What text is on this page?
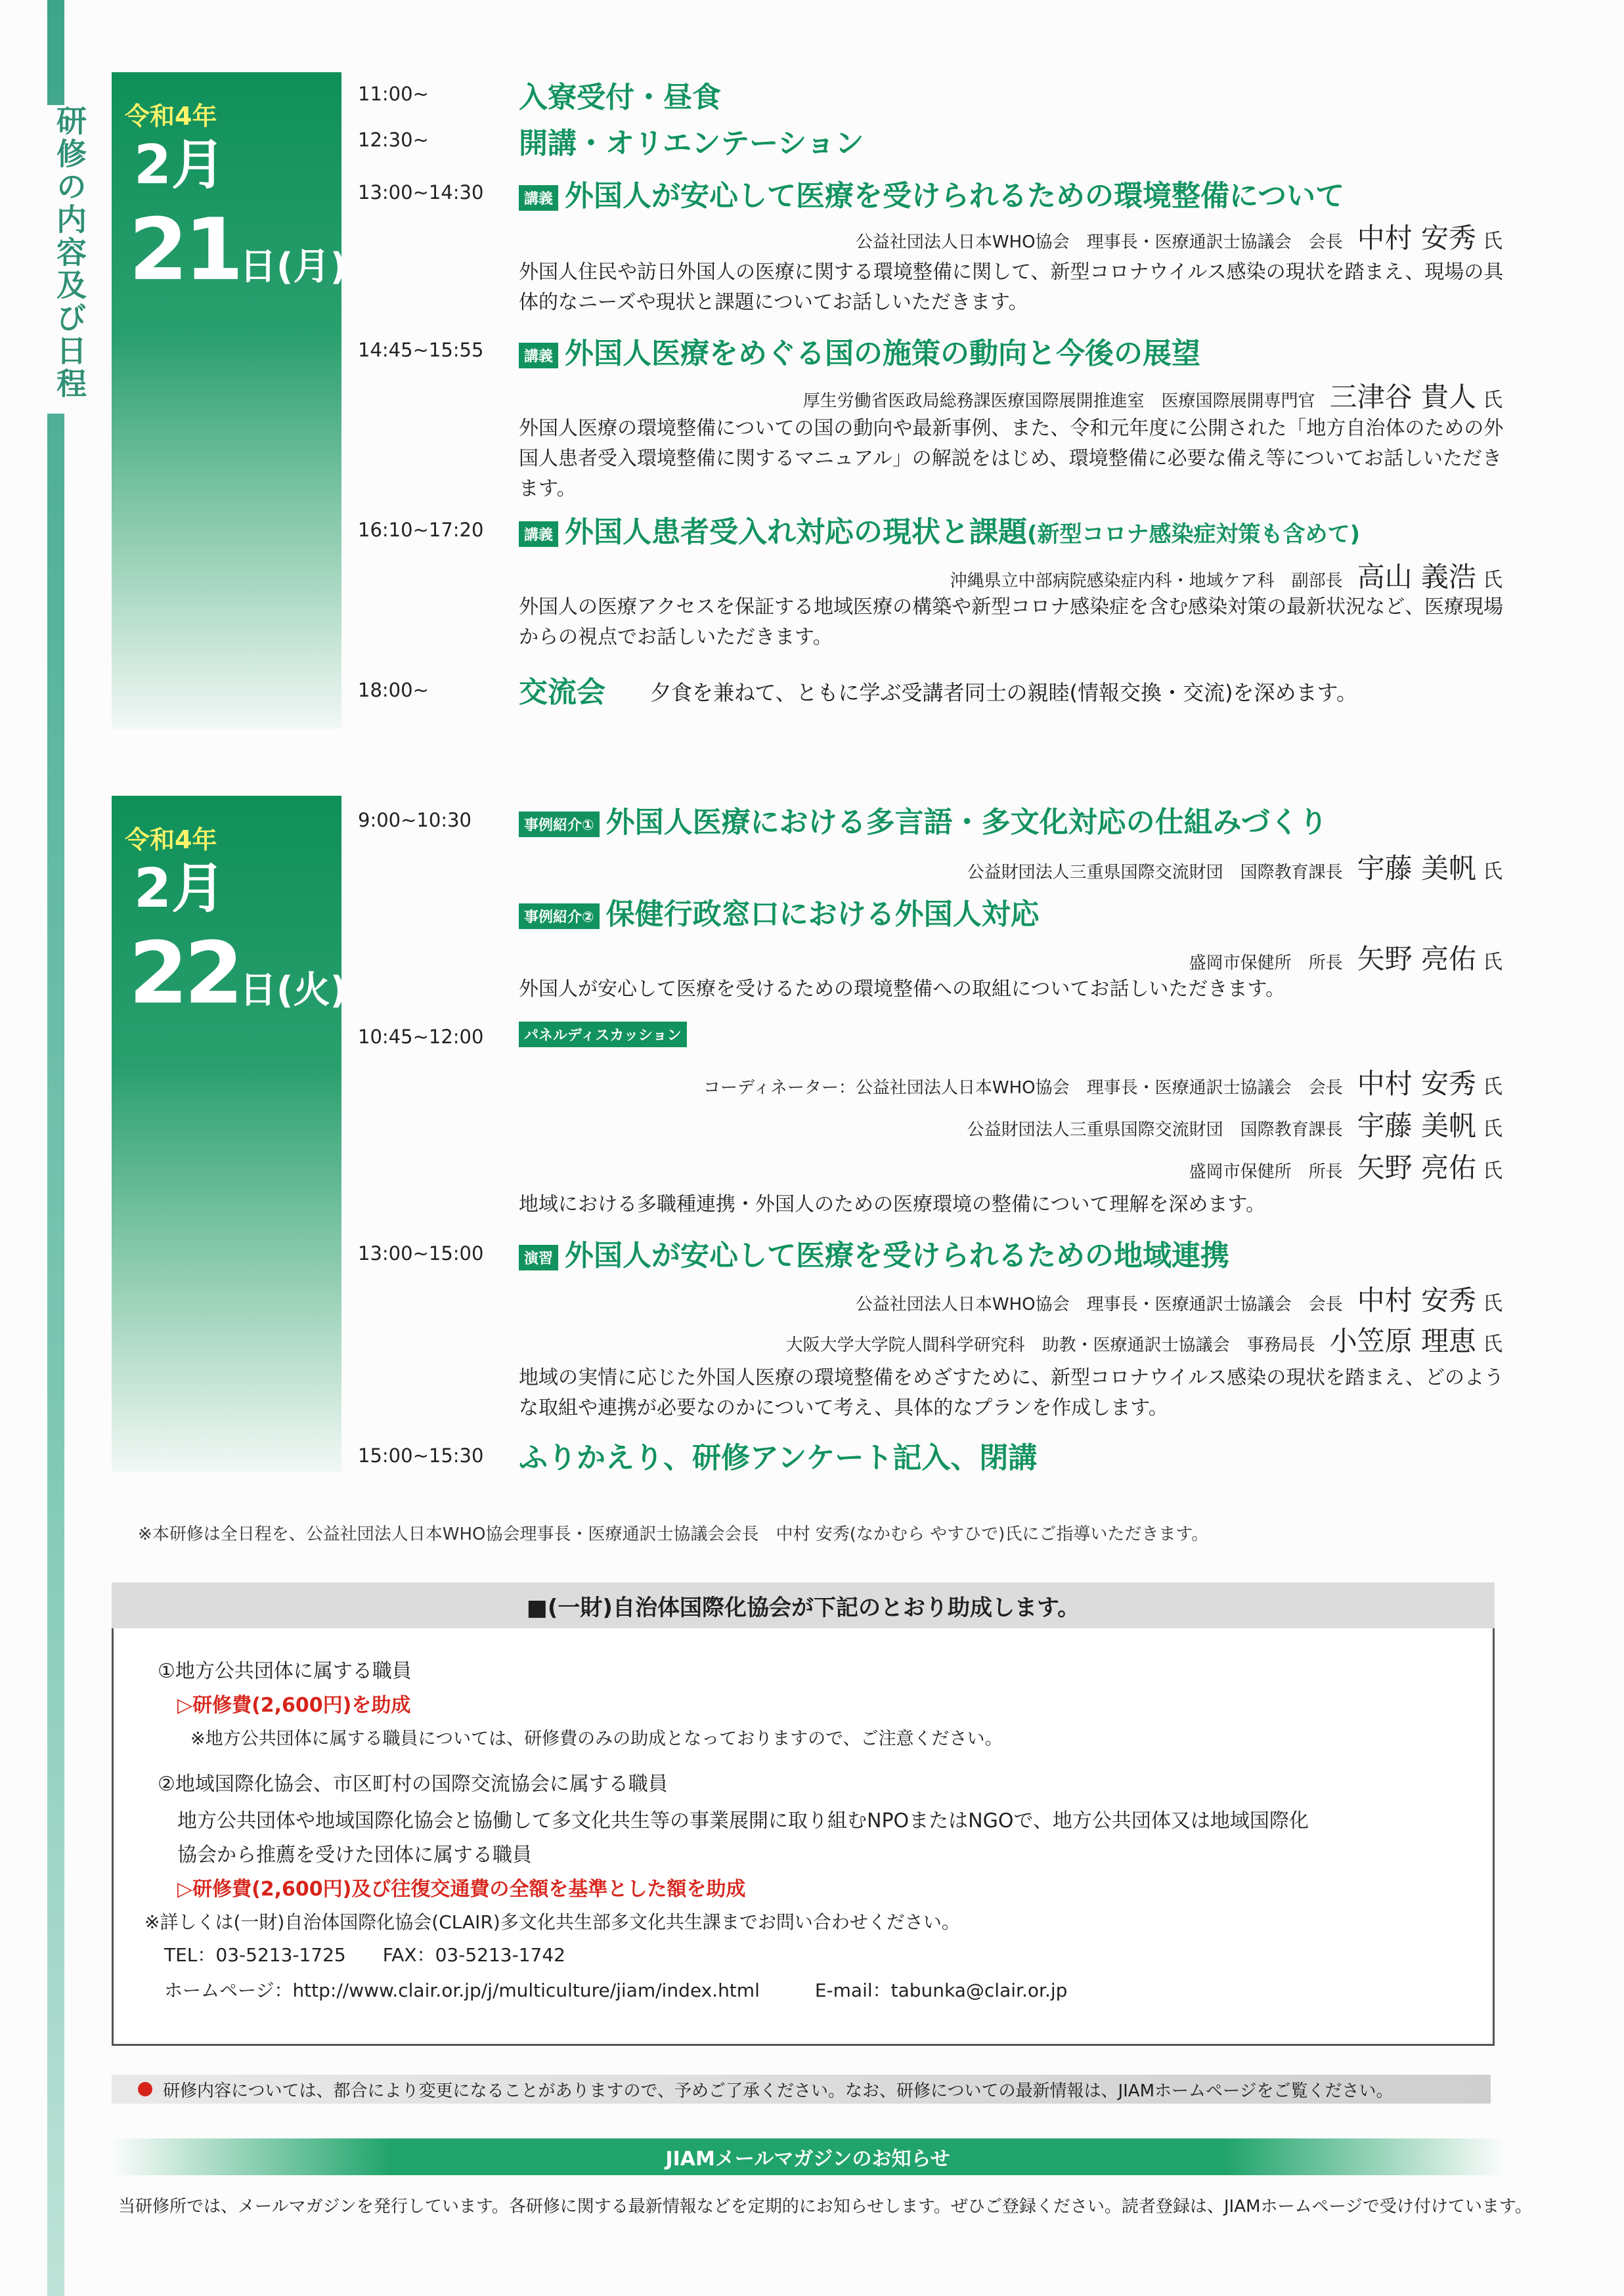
研修の内容及び日程 令和4年
2月
21日(月)
11:00~	入寮受付・昼食
12:30~	開講・オリエンテーション
13:00~14:30	講義 外国人が安心して医療を受けられるための環境整備について
公益社団法人日本WHO協会　理事長・医療通訳士協議会　会長 中村 安秀 氏
外国人住民や訪日外国人の医療に関する環境整備に関して、新型コロナウイルス感染の現状を踏まえ、現場の具体的なニーズや現状と課題についてお話しいただきます。
14:45~15:55	講義 外国人医療をめぐる国の施策の動向と今後の展望
厚生労働省医政局総務課医療国際展開推進室　医療国際展開専門官 三津谷 貴人 氏
外国人医療の環境整備についての国の動向や最新事例、また、令和元年度に公開された「地方自治体のための外国人患者受入環境整備に関するマニュアル」の解説をはじめ、環境整備に必要な備え等についてお話しいただきます。
16:10~17:20	講義 外国人患者受入れ対応の現状と課題(新型コロナ感染症対策も含めて)
沖縄県立中部病院感染症内科・地域ケア科　副部長 高山 義浩 氏
外国人の医療アクセスを保証する地域医療の構築や新型コロナ感染症を含む感染対策の最新状況など、医療現場からの視点でお話しいただきます。
18:00~	交流会 夕食を兼ねて、ともに学ぶ受講者同士の親睦(情報交換・交流)を深めます。
令和4年
2月
22日(火)
9:00~10:30	事例紹介① 外国人医療における多言語・多文化対応の仕組みづくり
公益財団法人三重県国際交流財団　国際教育課長 宇藤 美帆 氏
事例紹介② 保健行政窓口における外国人対応
盛岡市保健所　所長 矢野 亮佑 氏
外国人が安心して医療を受けるための環境整備への取組についてお話しいただきます。
10:45~12:00	パネルディスカッション
コーディネーター：公益社団法人日本WHO協会　理事長・医療通訳士協議会　会長 中村 安秀 氏
公益財団法人三重県国際交流財団　国際教育課長 宇藤 美帆 氏
盛岡市保健所　所長 矢野 亮佑 氏
地域における多職種連携・外国人のための医療環境の整備について理解を深めます。
13:00~15:00	演習 外国人が安心して医療を受けられるための地域連携
公益社団法人日本WHO協会　理事長・医療通訳士協議会　会長 中村 安秀 氏
大阪大学大学院人間科学研究科　助教・医療通訳士協議会　事務局長 小笠原 理恵 氏
地域の実情に応じた外国人医療の環境整備をめざすために、新型コロナウイルス感染の現状を踏まえ、どのような取組や連携が必要なのかについて考え、具体的なプランを作成します。
15:00~15:30 ふりかえり、研修アンケート記入、閉講
※本研修は全日程を、公益社団法人日本WHO協会理事長・医療通訳士協議会会長　中村 安秀(なかむら やすひで)氏にご指導いただきます。
■(一財)自治体国際化協会が下記のとおり助成します。
①地方公共団体に属する職員
▷研修費(2,600円)を助成
※地方公共団体に属する職員については、研修費のみの助成となっておりますので、ご注意ください。
②地域国際化協会、市区町村の国際交流協会に属する職員
地方公共団体や地域国際化協会と協働して多文化共生等の事業展開に取り組むNPOまたはNGOで、地方公共団体又は地域国際化
協会から推薦を受けた団体に属する職員
▷研修費(2,600円)及び往復交通費の全額を基準とした額を助成
※詳しくは(一財)自治体国際化協会(CLAIR)多文化共生部多文化共生課までお問い合わせください。
TEL：03-5213-1725　　FAX：03-5213-1742
ホームページ：http://www.clair.or.jp/j/multiculture/jiam/index.html　　　E-mail：tabunka@clair.or.jp
研修内容については、都合により変更になることがありますので、予めご了承ください。なお、研修についての最新情報は、JIAMホームページをご覧ください。
JIAMメールマガジンのお知らせ
当研修所では、メールマガジンを発行しています。各研修に関する最新情報などを定期的にお知らせします。ぜひご登録ください。読者登録は、JIAMホームページで受け付けています。
